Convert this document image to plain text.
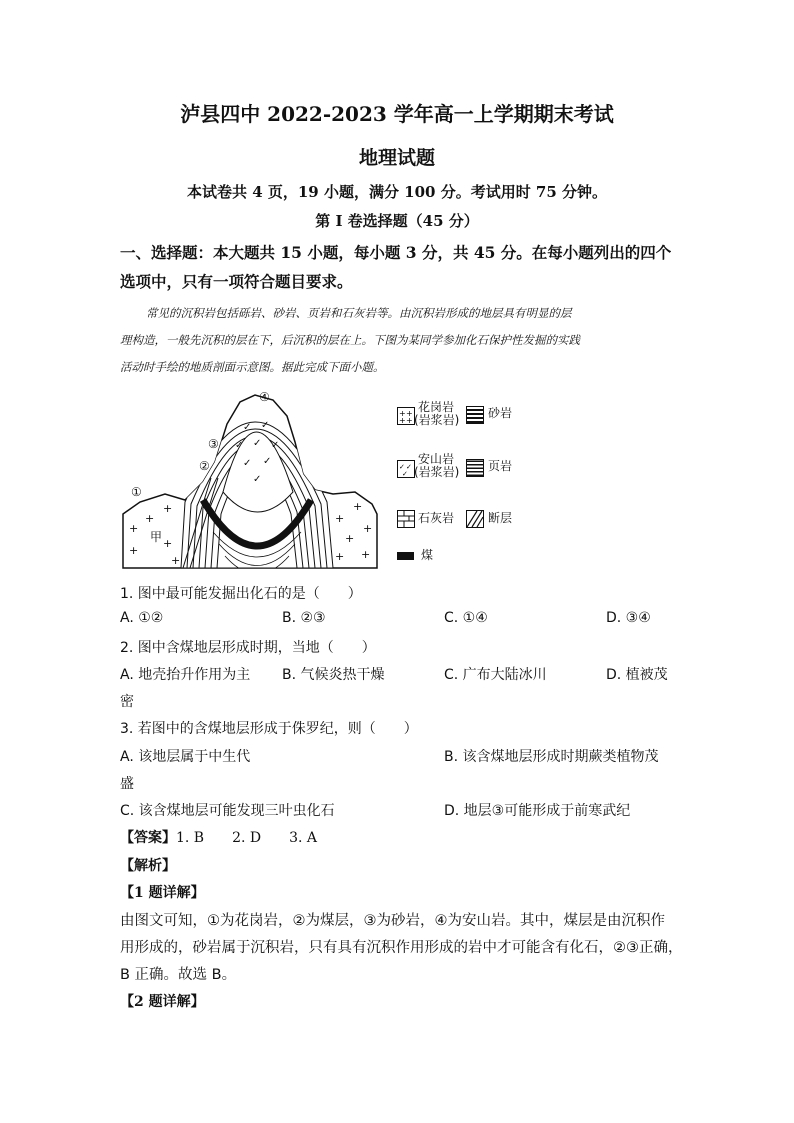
泸县四中 2022-2023 学年高一上学期期末考试
地理试题
本试卷共 4 页，19 小题，满分 100 分。考试用时 75 分钟。
第 I 卷选择题（45 分）
一、选择题：本大题共 15 小题，每小题 3 分，共 45 分。在每小题列出的四个
选项中，只有一项符合题目要求。
常见的沉积岩包括砾岩、砂岩、页岩和石灰岩等。由沉积岩形成的地层具有明显的层
理构造，一般先沉积的层在下，后沉积的层在上。下图为某同学参加化石保护性发掘的实践
活动时手绘的地质剖面示意图。据此完成下面小题。
+
+
+
+
+
+
+
+
+
+
+ +
✓ ✓
✓ ✓ ✓
✓ ✓
✓
④
③
②
①
甲
+ +
+ +
花岗岩
(岩浆岩) 砂岩
✓ ✓
✓
安山岩
(岩浆岩) 页岩
石灰岩	断层
煤
1. 图中最可能发掘出化石的是（　　）
A. ①②	B. ②③	C. ①④	D. ③④
2. 图中含煤地层形成时期，当地（　　）
A. 地壳抬升作用为主 B. 气候炎热干燥	C. 广布大陆冰川	D. 植被茂
密
3. 若图中的含煤地层形成于侏罗纪，则（　　）
A. 该地层属于中生代	B. 该含煤地层形成时期蕨类植物茂
盛
C. 该含煤地层可能发现三叶虫化石	D. 地层③可能形成于前寒武纪
【答案】1. B　　2. D　　3. A
【解析】
【1 题详解】
由图文可知，①为花岗岩，②为煤层，③为砂岩，④为安山岩。其中，煤层是由沉积作
用形成的，砂岩属于沉积岩，只有具有沉积作用形成的岩中才可能含有化石，②③正确，
B 正确。故选 B。
【2 题详解】
